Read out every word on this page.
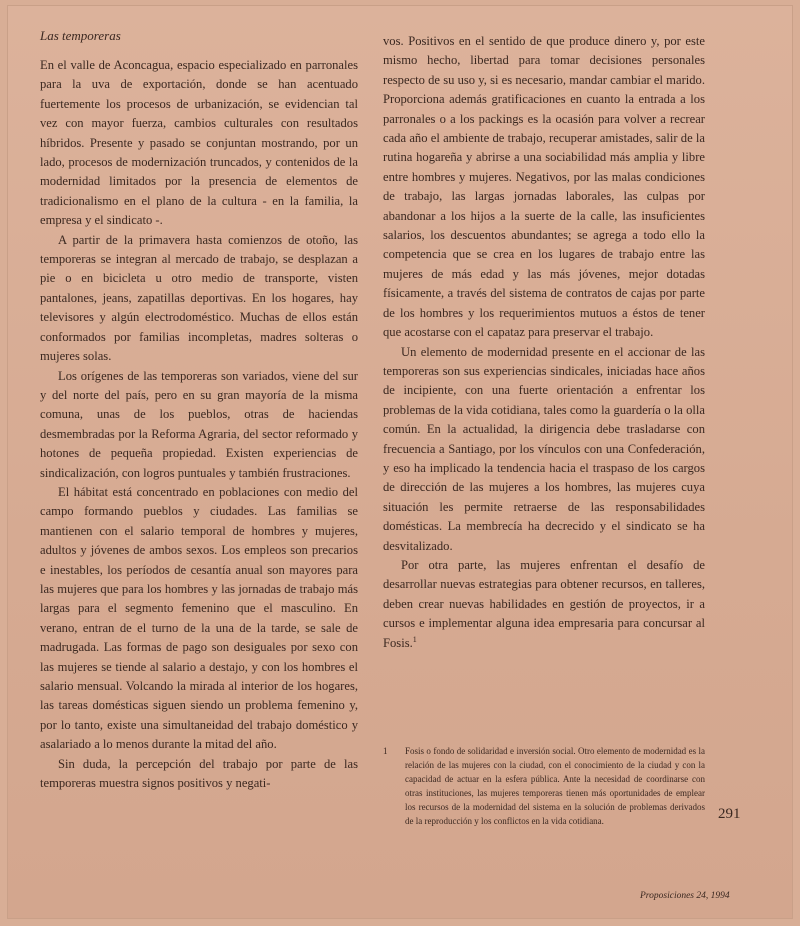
Las temporeras

En el valle de Aconcagua, espacio especializado en parronales para la uva de exportación, donde se han acentuado fuertemente los procesos de urbanización, se evidencian tal vez con mayor fuerza, cambios culturales con resultados híbridos. Presente y pasado se conjuntan mostrando, por un lado, procesos de modernización truncados, y contenidos de la modernidad limitados por la presencia de elementos de tradicionalismo en el plano de la cultura - en la familia, la empresa y el sindicato -.

A partir de la primavera hasta comienzos de otoño, las temporeras se integran al mercado de trabajo, se desplazan a pie o en bicicleta u otro medio de transporte, visten pantalones, jeans, zapatillas deportivas. En los hogares, hay televisores y algún electrodoméstico. Muchas de ellos están conformados por familias incompletas, madres solteras o mujeres solas.

Los orígenes de las temporeras son variados, viene del sur y del norte del país, pero en su gran mayoría de la misma comuna, unas de los pueblos, otras de haciendas desmembradas por la Reforma Agraria, del sector reformado y hotones de pequeña propiedad. Existen experiencias de sindicalización, con logros puntuales y también frustraciones.

El hábitat está concentrado en poblaciones con medio del campo formando pueblos y ciudades. Las familias se mantienen con el salario temporal de hombres y mujeres, adultos y jóvenes de ambos sexos. Los empleos son precarios e inestables, los períodos de cesantía anual son mayores para las mujeres que para los hombres y las jornadas de trabajo más largas para el segmento femenino que el masculino. En verano, entran de el turno de la una de la tarde, se sale de madrugada. Las formas de pago son desiguales por sexo con las mujeres se tiende al salario a destajo, y con los hombres el salario mensual. Volcando la mirada al interior de los hogares, las tareas domésticas siguen siendo un problema femenino y, por lo tanto, existe una simultaneidad del trabajo doméstico y asalariado a lo menos durante la mitad del año.

Sin duda, la percepción del trabajo por parte de las temporeras muestra signos positivos y negati-

vos. Positivos en el sentido de que produce dinero y, por este mismo hecho, libertad para tomar decisiones personales respecto de su uso y, si es necesario, mandar cambiar el marido. Proporciona además gratificaciones en cuanto la entrada a los parronales o a los packings es la ocasión para volver a recrear cada año el ambiente de trabajo, recuperar amistades, salir de la rutina hogareña y abrirse a una sociabilidad más amplia y libre entre hombres y mujeres. Negativos, por las malas condiciones de trabajo, las largas jornadas laborales, las culpas por abandonar a los hijos a la suerte de la calle, las insuficientes salarios, los descuentos abundantes; se agrega a todo ello la competencia que se crea en los lugares de trabajo entre las mujeres de más edad y las más jóvenes, mejor dotadas físicamente, a través del sistema de contratos de cajas por parte de los hombres y los requerimientos mutuos a éstos de tener que acostarse con el capataz para preservar el trabajo.

Un elemento de modernidad presente en el accionar de las temporeras son sus experiencias sindicales, iniciadas hace años de incipiente, con una fuerte orientación a enfrentar los problemas de la vida cotidiana, tales como la guardería o la olla común. En la actualidad, la dirigencia debe trasladarse con frecuencia a Santiago, por los vínculos con una Confederación, y eso ha implicado la tendencia hacia el traspaso de los cargos de dirección de las mujeres a los hombres, las mujeres cuya situación les permite retraerse de las responsabilidades domésticas. La membrecía ha decrecido y el sindicato se ha desvitalizado.

Por otra parte, las mujeres enfrentan el desafío de desarrollar nuevas estrategias para obtener recursos, en talleres, deben crear nuevas habilidades en gestión de proyectos, ir a cursos e implementar alguna idea empresaria para concursar al Fosis.$^1$

1 Fosis o fondo de solidaridad e inversión social. Otro elemento de modernidad es la relación de las mujeres con la ciudad, con el conocimiento de la ciudad y con la capacidad de actuar en la esfera pública. Ante la necesidad de coordinarse con otras instituciones, las mujeres temporeras tienen más oportunidades de emplear los recursos de la modernidad del sistema en la solución de problemas derivados de la reproducción y los conflictos en la vida cotidiana.	291
Proposiciones 24, 1994
